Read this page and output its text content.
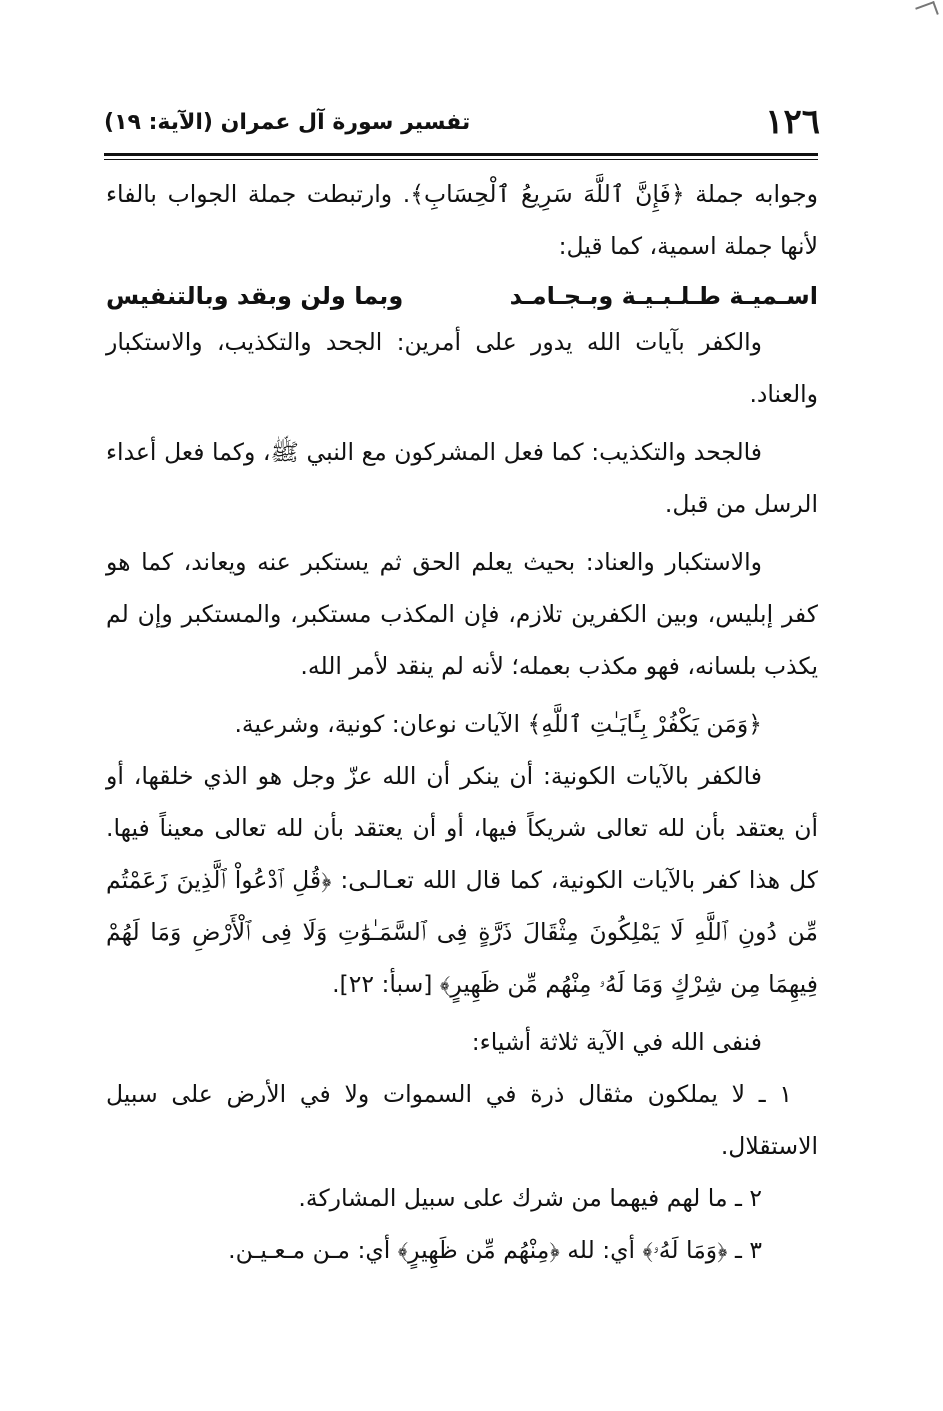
١٢٦
تفسير سورة آل عمران (الآية: ١٩)

وجوابه جملة ﴿فَإِنَّ ٱللَّهَ سَرِيعُ ٱلْحِسَابِ﴾. وارتبطت جملة الجواب بالفاء لأنها جملة اسمية، كما قيل:

اسـميـة طـلـبـيـة وبـجـامـد
وبما ولن وبقد وبالتنفيس

والكفر بآيات الله يدور على أمرين: الجحد والتكذيب، والاستكبار والعناد.

فالجحد والتكذيب: كما فعل المشركون مع النبي ﷺ، وكما فعل أعداء الرسل من قبل.

والاستكبار والعناد: بحيث يعلم الحق ثم يستكبر عنه ويعاند، كما هو كفر إبليس، وبين الكفرين تلازم، فإن المكذب مستكبر، والمستكبر وإن لم يكذب بلسانه، فهو مكذب بعمله؛ لأنه لم ينقد لأمر الله.

﴿وَمَن يَكْفُرْ بِـَٔايَـٰتِ ٱللَّهِ﴾ الآيات نوعان: كونية، وشرعية.

فالكفر بالآيات الكونية: أن ينكر أن الله عزّ وجل هو الذي خلقها، أو أن يعتقد بأن لله تعالى شريكاً فيها، أو أن يعتقد بأن لله تعالى معيناً فيها. كل هذا كفر بالآيات الكونية، كما قال الله تعـالـى: ﴿قُلِ ٱدْعُواْ ٱلَّذِينَ زَعَمْتُم مِّن دُونِ ٱللَّهِ لَا يَمْلِكُونَ مِثْقَالَ ذَرَّةٍ فِى ٱلسَّمَـٰوَٰتِ وَلَا فِى ٱلْأَرْضِ وَمَا لَهُمْ فِيهِمَا مِن شِرْكٍ وَمَا لَهُۥ مِنْهُم مِّن ظَهِيرٍ﴾ [سبأ: ٢٢].

فنفى الله في الآية ثلاثة أشياء:

١ ـ لا يملكون مثقال ذرة في السموات ولا في الأرض على سبيل الاستقلال.

٢ ـ ما لهم فيهما من شرك على سبيل المشاركة.

٣ ـ ﴿وَمَا لَهُۥ﴾ أي: لله ﴿مِنْهُم مِّن ظَهِيرٍ﴾ أي: مـن مـعـيـن.
